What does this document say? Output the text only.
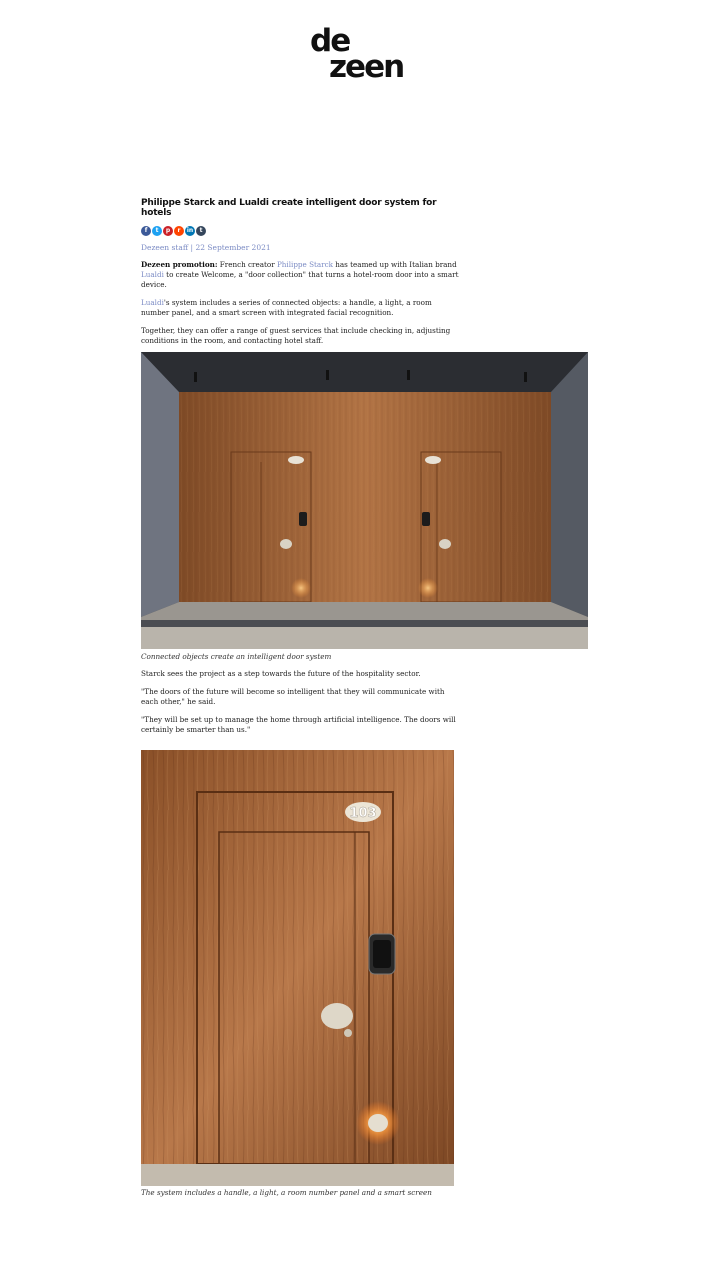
de
zeen
Philippe Starck and Lualdi create intelligent door system for hotels
f	t	p	r	in	t
Dezeen staff | 22 September 2021

Dezeen promotion: French creator Philippe Starck has teamed up with Italian brand Lualdi to create Welcome, a "door collection" that turns a hotel-room door into a smart device.

Lualdi's system includes a series of connected objects: a handle, a light, a room number panel, and a smart screen with integrated facial recognition.

Together, they can offer a range of guest services that include checking in, adjusting conditions in the room, and contacting hotel staff.

Connected objects create an intelligent door system

Starck sees the project as a step towards the future of the hospitality sector.

"The doors of the future will become so intelligent that they will communicate with each other," he said.

"They will be set up to manage the home through artificial intelligence. The doors will certainly be smarter than us."

103

The system includes a handle, a light, a room number panel and a smart screen
